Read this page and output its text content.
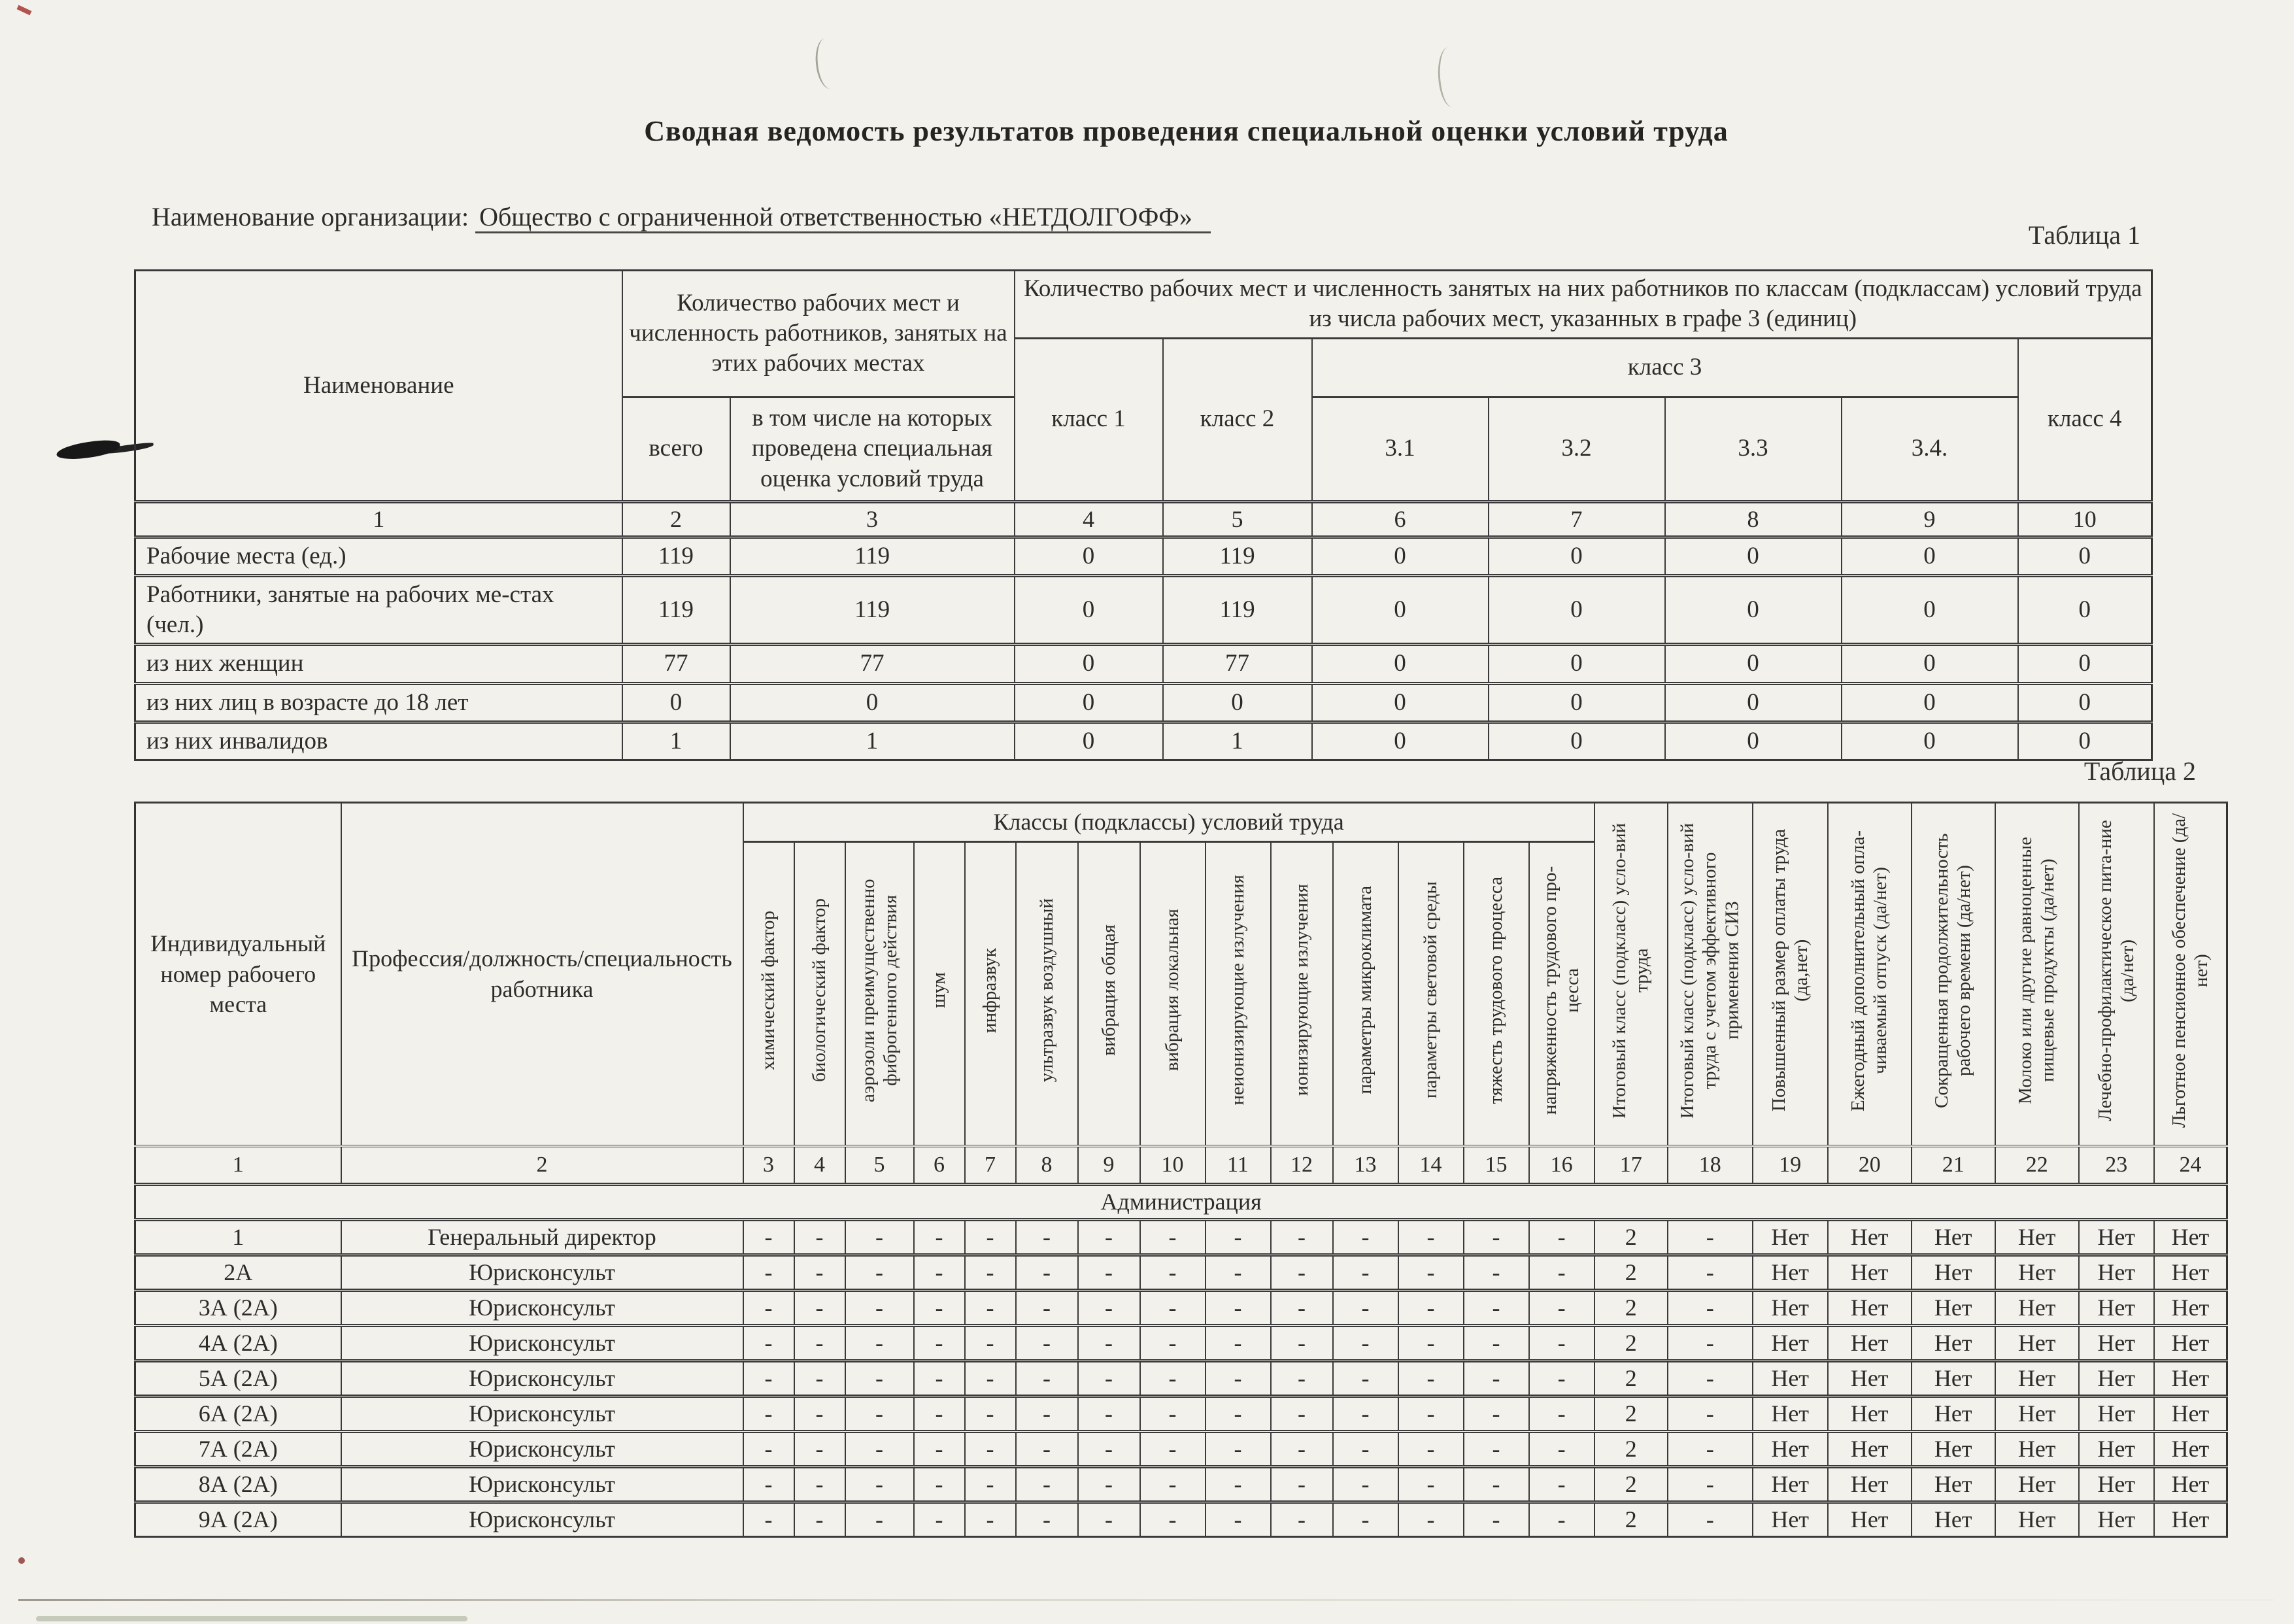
Сводная ведомость результатов проведения специальной оценки условий труда
Наименование организации: Общество с ограниченной ответственностью «НЕТДОЛГОФФ»
Таблица 1
Таблица 2
Наименование	Количество рабочих мест и численность работников, занятых на этих рабочих местах		Количество рабочих мест и численность занятых на них работников по классам (подклассам) условий труда из числа рабочих мест, указанных в графе 3 (единиц)						
			класс 1	класс 2	класс 3				класс 4
	всего	в том числе на которых проведена специальная оценка условий труда			3.1	3.2	3.3	3.4.	
1	2	3	4	5	6	7	8	9	10
Рабочие места (ед.)	119	119	0	119	0	0	0	0	0
Работники, занятые на рабочих ме-стах (чел.)	119	119	0	119	0	0	0	0	0
из них женщин	77	77	0	77	0	0	0	0	0
из них лиц в возрасте до 18 лет	0	0	0	0	0	0	0	0	0
из них инвалидов	1	1	0	1	0	0	0	0	0
Индивидуальный номер рабочего места	Профессия/должность/специальность работника	Классы (подклассы) условий труда														Итоговый класс (подкласс) усло-вий труда	Итоговый класс (подкласс) усло-вий труда с учетом эффективного применения СИЗ	Повышенный размер оплаты труда (да,нет)	Ежегодный дополнительный опла-чиваемый отпуск (да/нет)	Сокращенная продолжительность рабочего времени (да/нет)	Молоко или другие равноценные пищевые продукты (да/нет)	Лечебно-профилактическое пита-ние (да/нет)	Льготное пенсионное обеспечение (да/нет)
		химический фактор	биологический фактор	аэрозоли преимущественно фиброгенного действия	шум	инфразвук	ультразвук воздушный	вибрация общая	вибрация локальная	неионизирующие излучения	ионизирующие излучения	параметры микроклимата	параметры световой среды	тяжесть трудового процесса	напряженность трудового про-цесса								
1	2	3	4	5	6	7	8	9	10	11	12	13	14	15	16	17	18	19	20	21	22	23	24
Администрация																							
1	Генеральный директор	-	-	-	-	-	-	-	-	-	-	-	-	-	-	2	-	Нет	Нет	Нет	Нет	Нет	Нет
2А	Юрисконсульт	-	-	-	-	-	-	-	-	-	-	-	-	-	-	2	-	Нет	Нет	Нет	Нет	Нет	Нет
3А (2А)	Юрисконсульт	-	-	-	-	-	-	-	-	-	-	-	-	-	-	2	-	Нет	Нет	Нет	Нет	Нет	Нет
4А (2А)	Юрисконсульт	-	-	-	-	-	-	-	-	-	-	-	-	-	-	2	-	Нет	Нет	Нет	Нет	Нет	Нет
5А (2А)	Юрисконсульт	-	-	-	-	-	-	-	-	-	-	-	-	-	-	2	-	Нет	Нет	Нет	Нет	Нет	Нет
6А (2А)	Юрисконсульт	-	-	-	-	-	-	-	-	-	-	-	-	-	-	2	-	Нет	Нет	Нет	Нет	Нет	Нет
7А (2А)	Юрисконсульт	-	-	-	-	-	-	-	-	-	-	-	-	-	-	2	-	Нет	Нет	Нет	Нет	Нет	Нет
8А (2А)	Юрисконсульт	-	-	-	-	-	-	-	-	-	-	-	-	-	-	2	-	Нет	Нет	Нет	Нет	Нет	Нет
9А (2А)	Юрисконсульт	-	-	-	-	-	-	-	-	-	-	-	-	-	-	2	-	Нет	Нет	Нет	Нет	Нет	Нет
